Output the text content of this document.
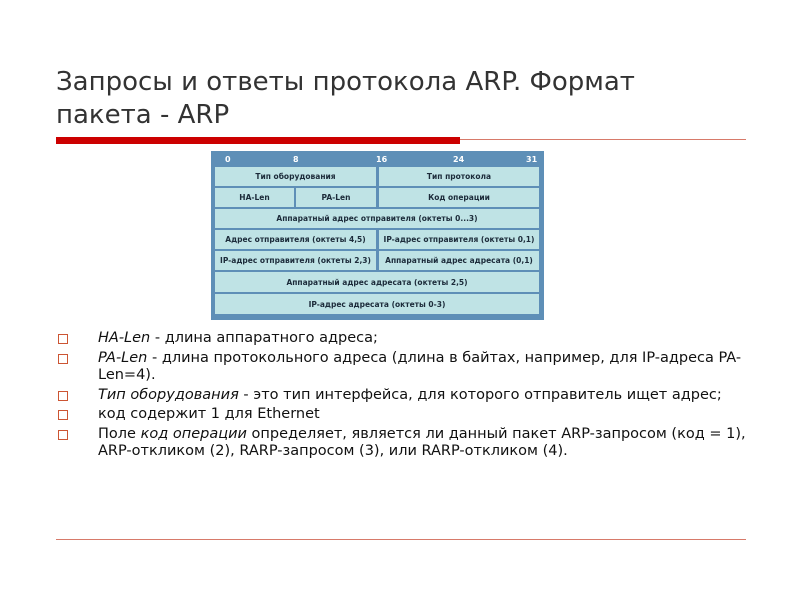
Запросы и ответы протокола ARP. Формат
пакета - ARP
0	8	16	24	31
Тип оборудования	Тип протокола
HA-Len	PA-Len	Код операции
Аппаратный адрес отправителя (октеты 0...3)
Адрес отправителя (октеты 4,5)	IP-адрес отправителя (октеты 0,1)
IP-адрес отправителя (октеты 2,3)	Аппаратный адрес адресата (0,1)
Аппаратный адрес адресата (октеты 2,5)
IP-адрес адресата (октеты 0-3)
HA-Len - длина аппаратного адреса;
PA-Len - длина протокольного адреса (длина в байтах, например, для IP-адреса PA-Len=4).
Тип оборудования - это тип интерфейса, для которого отправитель ищет адрес;
код содержит 1 для Ethernet
Поле код операции определяет, является ли данный пакет ARP-запросом (код = 1), ARP-откликом (2), RARP-запросом (3), или RARP-откликом (4).
